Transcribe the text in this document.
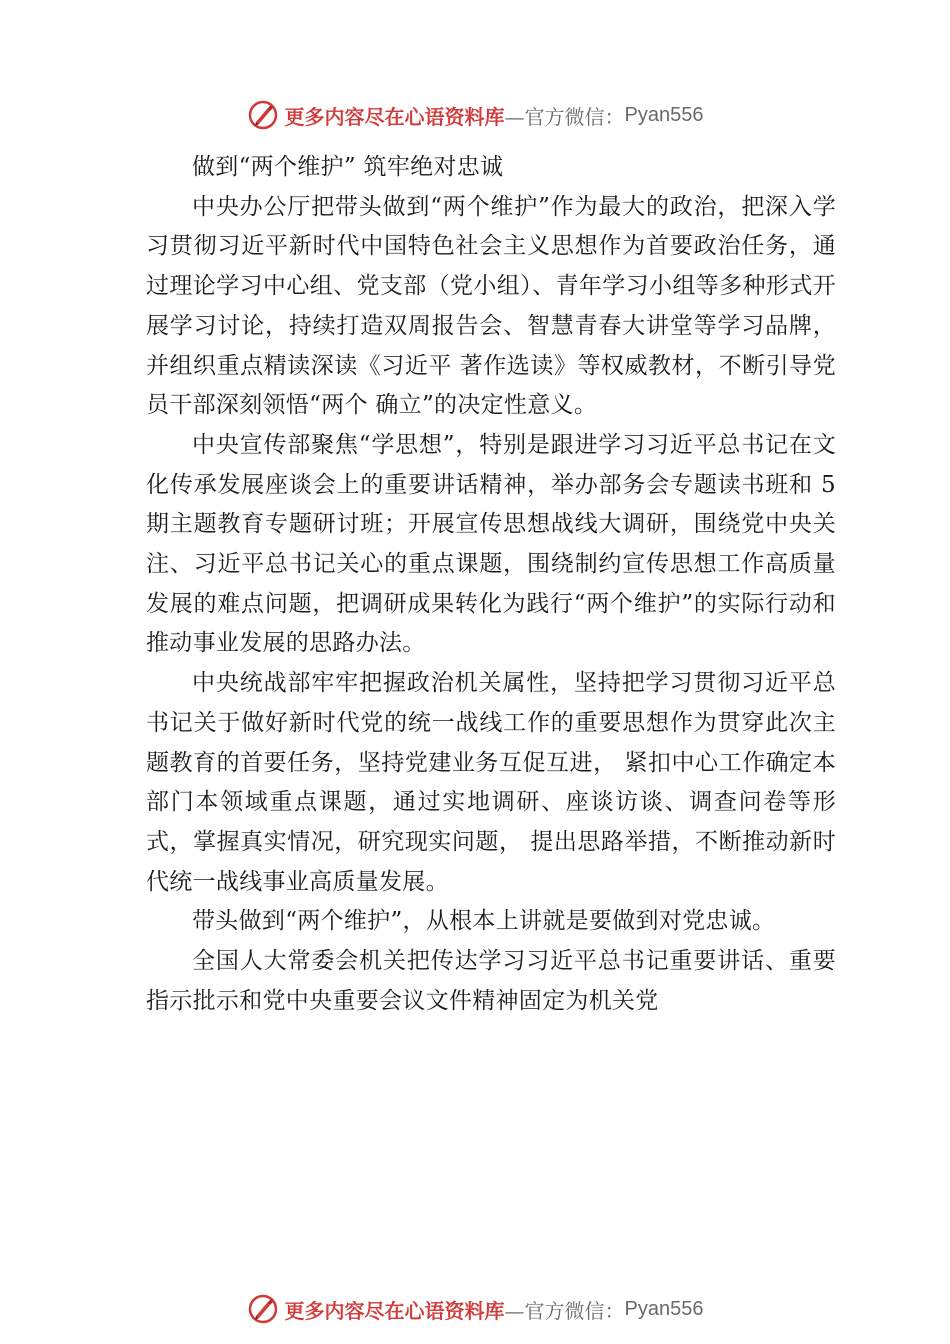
更多内容尽在心语资料库 —官方微信： Pyan556

做到“两个维护” 筑牢绝对忠诚

中央办公厅把带头做到“两个维护”作为最大的政治，把深入学习贯彻习近平新时代中国特色社会主义思想作为首要政治任务，通过理论学习中心组、党支部（党小组）、青年学习小组等多种形式开展学习讨论，持续打造双周报告会、智慧青春大讲堂等学习品牌，并组织重点精读深读《习近平 著作选读》等权威教材，不断引导党员干部深刻领悟“两个 确立”的决定性意义。

中央宣传部聚焦“学思想”，特别是跟进学习习近平总书记在文化传承发展座谈会上的重要讲话精神，举办部务会专题读书班和 5期主题教育专题研讨班；开展宣传思想战线大调研，围绕党中央关注、习近平总书记关心的重点课题，围绕制约宣传思想工作高质量发展的难点问题，把调研成果转化为践行“两个维护”的实际行动和推动事业发展的思路办法。

中央统战部牢牢把握政治机关属性，坚持把学习贯彻习近平总书记关于做好新时代党的统一战线工作的重要思想作为贯穿此次主题教育的首要任务，坚持党建业务互促互进， 紧扣中心工作确定本部门本领域重点课题，通过实地调研、座谈访谈、调查问卷等形式，掌握真实情况，研究现实问题， 提出思路举措，不断推动新时代统一战线事业高质量发展。

带头做到“两个维护”，从根本上讲就是要做到对党忠诚。

全国人大常委会机关把传达学习习近平总书记重要讲话、重要指示批示和党中央重要会议文件精神固定为机关党

更多内容尽在心语资料库 —官方微信： Pyan556
